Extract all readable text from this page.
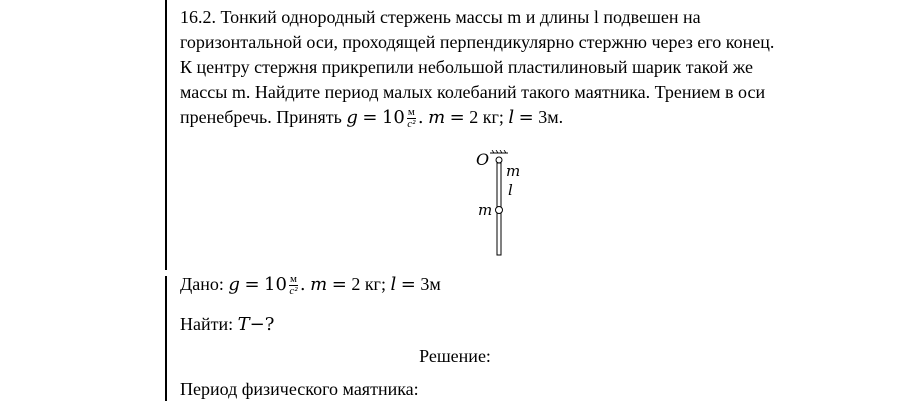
16.2. Тонкий однородный стержень массы m и длины l подвешен на
горизонтальной оси, проходящей перпендикулярно стержню через его конец.
К центру стержня прикрепили небольшой пластилиновый шарик такой же
массы m. Найдите период малых колебаний такого маятника. Трением в оси
пренебречь. Принять $g = 10 \frac{м}{\text{с²}}$ . m = 2 кг; l = 3м.
O
m
l
m
Дано: $g = 10 \frac{м}{\text{с²}}$ . m = 2 кг; l = 3м
Найти: T−?
Решение:
Период физического маятника:
